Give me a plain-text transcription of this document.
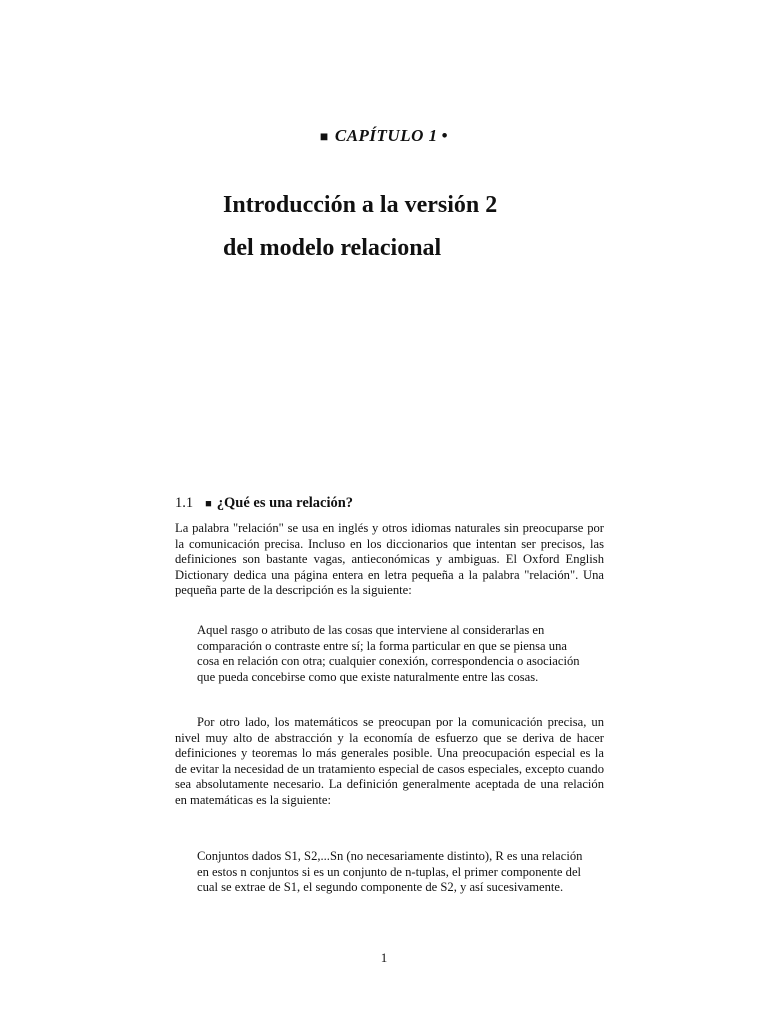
■ CAPÍTULO 1 •
Introducción a la versión 2
del modelo relacional
1.1 ■ ¿Qué es una relación?

La palabra "relación" se usa en inglés y otros idiomas naturales sin preocuparse por la comunicación precisa. Incluso en los diccionarios que intentan ser precisos, las definiciones son bastante vagas, antieconómicas y ambiguas. El Oxford English Dictionary dedica una página entera en letra pequeña a la palabra "relación". Una pequeña parte de la descripción es la siguiente:

Aquel rasgo o atributo de las cosas que interviene al considerarlas en comparación o contraste entre sí; la forma particular en que se piensa una cosa en relación con otra; cualquier conexión, correspondencia o asociación que pueda concebirse como que existe naturalmente entre las cosas.

Por otro lado, los matemáticos se preocupan por la comunicación precisa, un nivel muy alto de abstracción y la economía de esfuerzo que se deriva de hacer definiciones y teoremas lo más generales posible. Una preocupación especial es la de evitar la necesidad de un tratamiento especial de casos especiales, excepto cuando sea absolutamente necesario. La definición generalmente aceptada de una relación en matemáticas es la siguiente:

Conjuntos dados S1, S2,...Sn (no necesariamente distinto), R es una relación en estos n conjuntos si es un conjunto de n-tuplas, el primer componente del cual se extrae de S1, el segundo componente de S2, y así sucesivamente.

1
